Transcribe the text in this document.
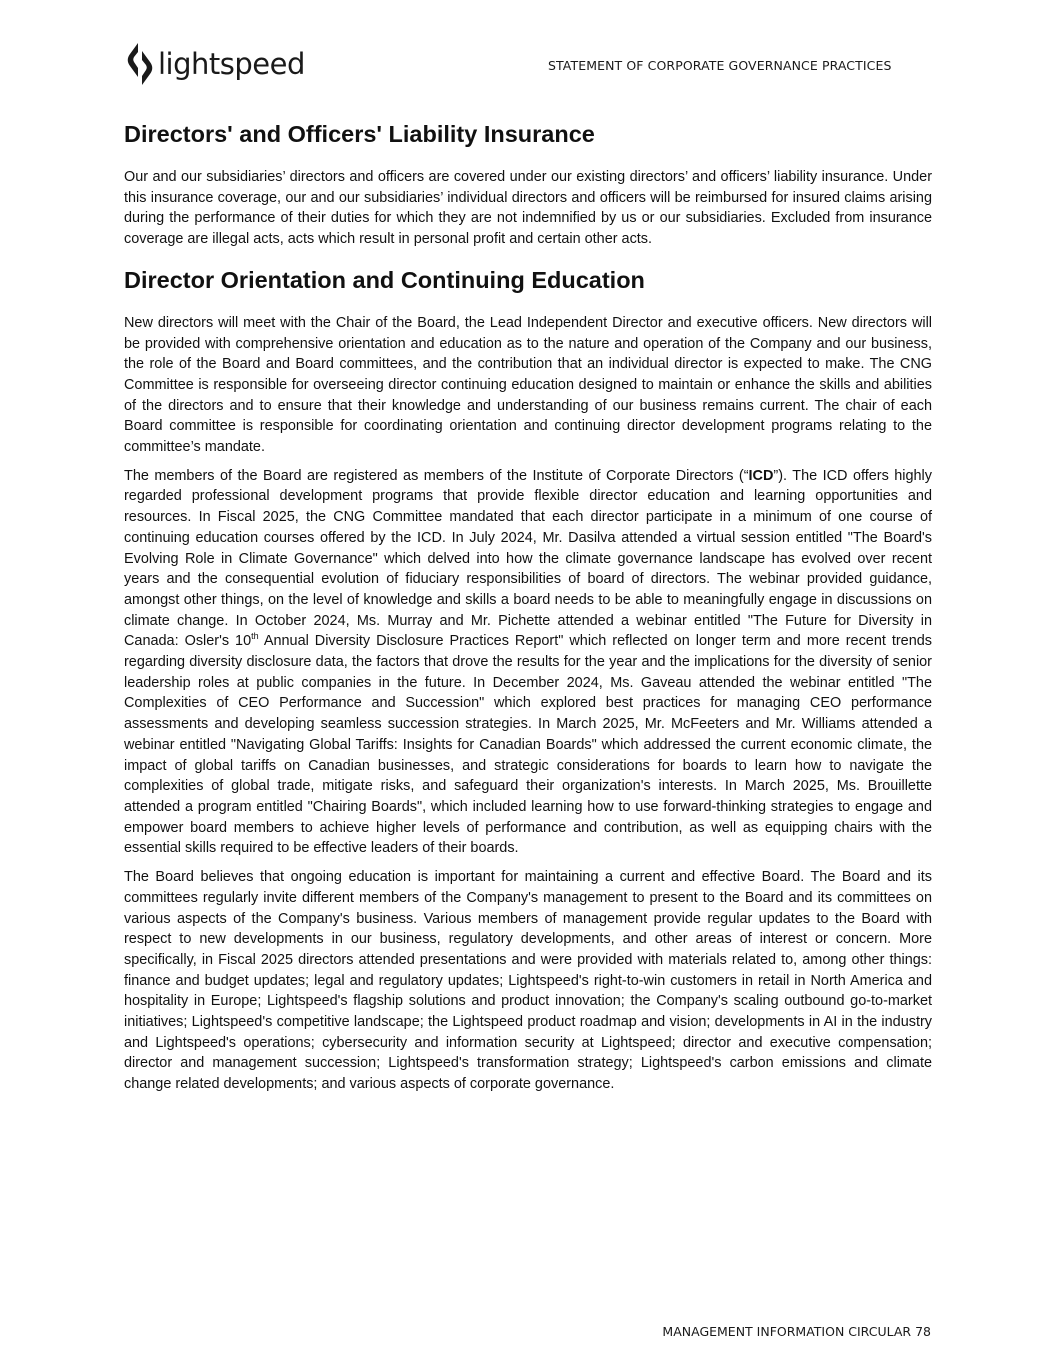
lightspeed	STATEMENT OF CORPORATE GOVERNANCE PRACTICES
Directors' and Officers' Liability Insurance

Our and our subsidiaries’ directors and officers are covered under our existing directors’ and officers’ liability insurance. Under this insurance coverage, our and our subsidiaries’ individual directors and officers will be reimbursed for insured claims arising during the performance of their duties for which they are not indemnified by us or our subsidiaries. Excluded from insurance coverage are illegal acts, acts which result in personal profit and certain other acts.

Director Orientation and Continuing Education

New directors will meet with the Chair of the Board, the Lead Independent Director and executive officers. New directors will be provided with comprehensive orientation and education as to the nature and operation of the Company and our business, the role of the Board and Board committees, and the contribution that an individual director is expected to make. The CNG Committee is responsible for overseeing director continuing education designed to maintain or enhance the skills and abilities of the directors and to ensure that their knowledge and understanding of our business remains current. The chair of each Board committee is responsible for coordinating orientation and continuing director development programs relating to the committee’s mandate.

The members of the Board are registered as members of the Institute of Corporate Directors (“ICD”). The ICD offers highly regarded professional development programs that provide flexible director education and learning opportunities and resources. In Fiscal 2025, the CNG Committee mandated that each director participate in a minimum of one course of continuing education courses offered by the ICD. In July 2024, Mr. Dasilva attended a virtual session entitled "The Board's Evolving Role in Climate Governance" which delved into how the climate governance landscape has evolved over recent years and the consequential evolution of fiduciary responsibilities of board of directors. The webinar provided guidance, amongst other things, on the level of knowledge and skills a board needs to be able to meaningfully engage in discussions on climate change. In October 2024, Ms. Murray and Mr. Pichette attended a webinar entitled "The Future for Diversity in Canada: Osler's 10th Annual Diversity Disclosure Practices Report" which reflected on longer term and more recent trends regarding diversity disclosure data, the factors that drove the results for the year and the implications for the diversity of senior leadership roles at public companies in the future. In December 2024, Ms. Gaveau attended the webinar entitled "The Complexities of CEO Performance and Succession" which explored best practices for managing CEO performance assessments and developing seamless succession strategies. In March 2025, Mr. McFeeters and Mr. Williams attended a webinar entitled "Navigating Global Tariffs: Insights for Canadian Boards" which addressed the current economic climate, the impact of global tariffs on Canadian businesses, and strategic considerations for boards to learn how to navigate the complexities of global trade, mitigate risks, and safeguard their organization's interests. In March 2025, Ms. Brouillette attended a program entitled "Chairing Boards", which included learning how to use forward-thinking strategies to engage and empower board members to achieve higher levels of performance and contribution, as well as equipping chairs with the essential skills required to be effective leaders of their boards.

The Board believes that ongoing education is important for maintaining a current and effective Board. The Board and its committees regularly invite different members of the Company's management to present to the Board and its committees on various aspects of the Company's business. Various members of management provide regular updates to the Board with respect to new developments in our business, regulatory developments, and other areas of interest or concern. More specifically, in Fiscal 2025 directors attended presentations and were provided with materials related to, among other things: finance and budget updates; legal and regulatory updates; Lightspeed's right-to-win customers in retail in North America and hospitality in Europe; Lightspeed's flagship solutions and product innovation; the Company's scaling outbound go-to-market initiatives; Lightspeed's competitive landscape; the Lightspeed product roadmap and vision; developments in AI in the industry and Lightspeed's operations; cybersecurity and information security at Lightspeed; director and executive compensation; director and management succession; Lightspeed's transformation strategy; Lightspeed's carbon emissions and climate change related developments; and various aspects of corporate governance.

MANAGEMENT INFORMATION CIRCULAR 78
